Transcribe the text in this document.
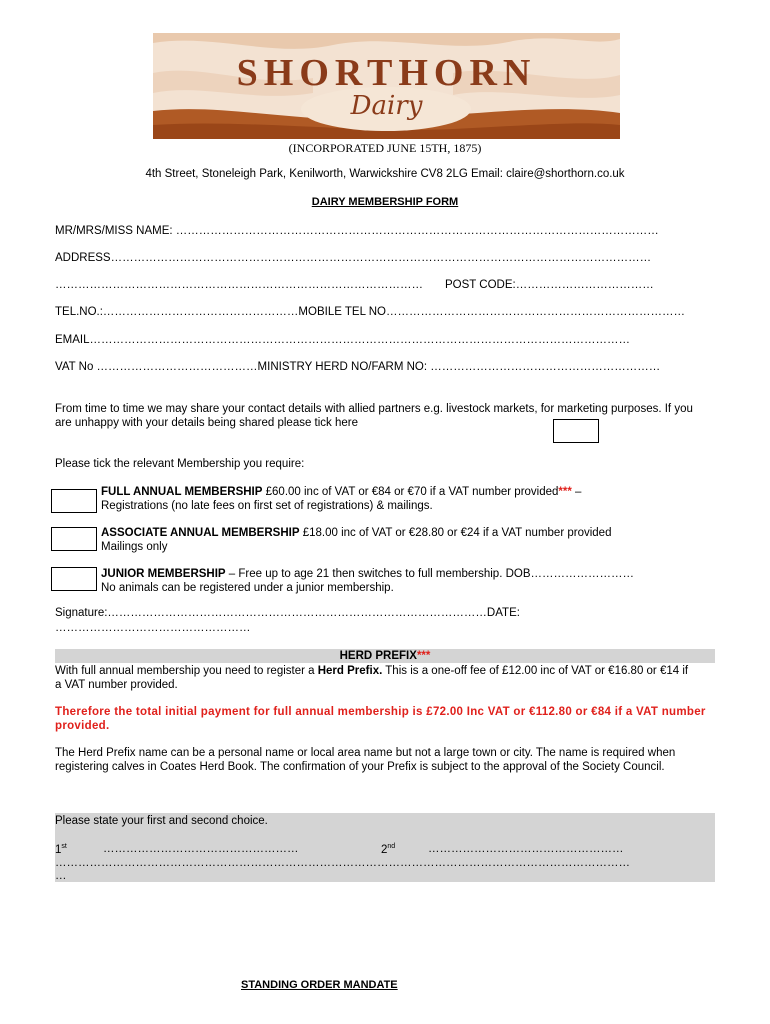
SHORTHORN
Dairy
(INCORPORATED JUNE 15TH, 1875)
4th Street, Stoneleigh Park, Kenilworth, Warwickshire CV8 2LG Email: claire@shorthorn.co.uk
DAIRY MEMBERSHIP FORM
MR/MRS/MISS NAME: ………………………………………………………………………………………………………………
ADDRESS……………………………………………………………………………………………………………………………
…………………………………………………………………………………… POST CODE:………………………………
TEL.NO.:……………………………………………MOBILE TEL NO……………………………………………………………………
EMAIL……………………………………………………………………………………………………………………………
VAT No ……………………………………MINISTRY HERD NO/FARM NO: ……………………………………………………
From time to time we may share your contact details with allied partners e.g. livestock markets, for marketing purposes. If you are unhappy with your details being shared please tick here
Please tick the relevant Membership you require:
FULL ANNUAL MEMBERSHIP £60.00 inc of VAT or €84 or €70 if a VAT number provided*** –
Registrations (no late fees on first set of registrations) & mailings.
ASSOCIATE ANNUAL MEMBERSHIP £18.00 inc of VAT or €28.80 or €24 if a VAT number provided
Mailings only
JUNIOR MEMBERSHIP – Free up to age 21 then switches to full membership. DOB………………………
No animals can be registered under a junior membership.
Signature:………………………………………………………………………………………DATE:
……………………………………………
HERD PREFIX***
With full annual membership you need to register a Herd Prefix. This is a one-off fee of £12.00 inc of VAT or €16.80 or €14 if a VAT number provided.
Therefore the total initial payment for full annual membership is £72.00 Inc VAT or €112.80 or €84 if a VAT number provided.
The Herd Prefix name can be a personal name or local area name but not a large town or city. The name is required when registering calves in Coates Herd Book. The confirmation of your Prefix is subject to the approval of the Society Council.
Please state your first and second choice.
1st	……………………………………………	2nd	……………………………………………
……………………………………………………………………………………………………………………………………
…
STANDING ORDER MANDATE
